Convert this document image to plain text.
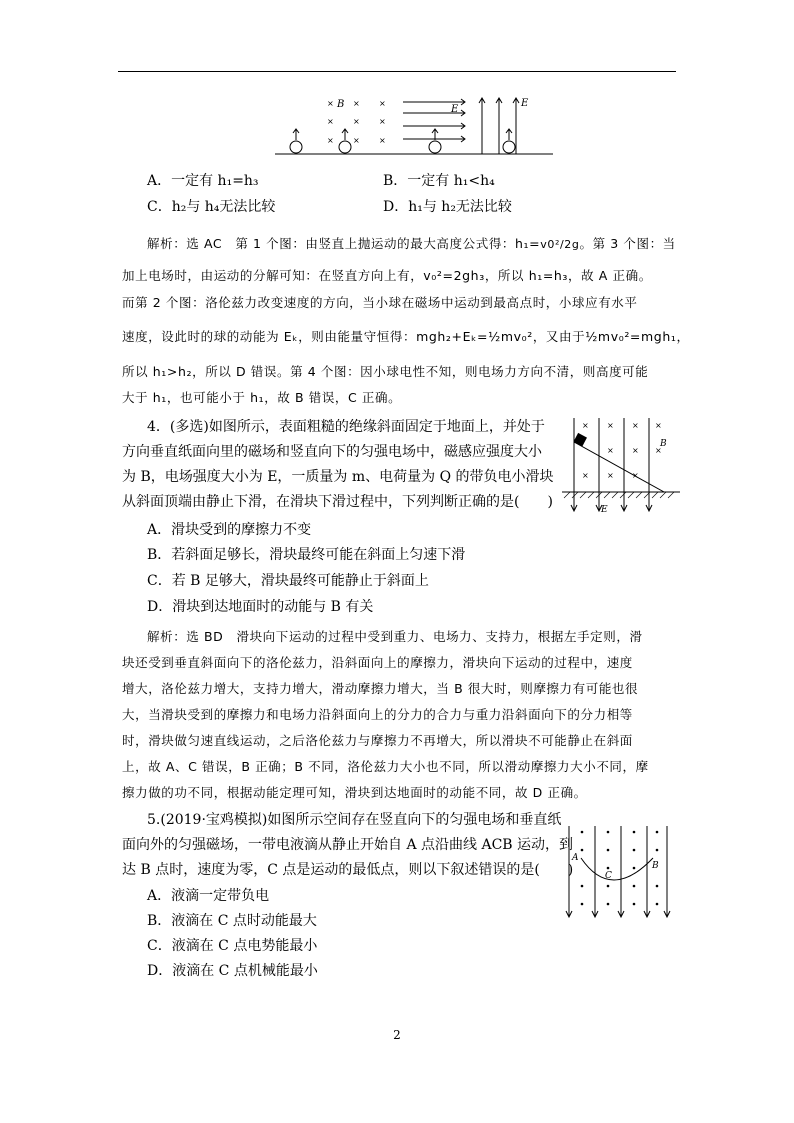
× × ×
× × ×
× × ×
B	E
E
A．一定有 h₁=h₃	B．一定有 h₁<h₄
C．h₂与 h₄无法比较	D．h₁与 h₂无法比较
解析：选 AC　第 1 个图：由竖直上抛运动的最大高度公式得：h₁=v0²/2g。第 3 个图：当
加上电场时，由运动的分解可知：在竖直方向上有，v₀²=2gh₃，所以 h₁=h₃，故 A 正确。
而第 2 个图：洛伦兹力改变速度的方向，当小球在磁场中运动到最高点时，小球应有水平
速度，设此时的球的动能为 Eₖ，则由能量守恒得：mgh₂+Eₖ=½mv₀²，又由于½mv₀²=mgh₁，
所以 h₁>h₂，所以 D 错误。第 4 个图：因小球电性不知，则电场力方向不清，则高度可能
大于 h₁，也可能小于 h₁，故 B 错误，C 正确。
4．(多选)如图所示，表面粗糙的绝缘斜面固定于地面上，并处于
方向垂直纸面向里的磁场和竖直向下的匀强电场中，磁感应强度大小
为 B，电场强度大小为 E，一质量为 m、电荷量为 Q 的带负电小滑块
从斜面顶端由静止下滑，在滑块下滑过程中，下列判断正确的是(　　)
× × × ×
× × ×
× × ×
B
E
A．滑块受到的摩擦力不变
B．若斜面足够长，滑块最终可能在斜面上匀速下滑
C．若 B 足够大，滑块最终可能静止于斜面上
D．滑块到达地面时的动能与 B 有关
解析：选 BD　滑块向下运动的过程中受到重力、电场力、支持力，根据左手定则，滑
块还受到垂直斜面向下的洛伦兹力，沿斜面向上的摩擦力，滑块向下运动的过程中，速度
增大，洛伦兹力增大，支持力增大，滑动摩擦力增大，当 B 很大时，则摩擦力有可能也很
大，当滑块受到的摩擦力和电场力沿斜面向上的分力的合力与重力沿斜面向下的分力相等
时，滑块做匀速直线运动，之后洛伦兹力与摩擦力不再增大，所以滑块不可能静止在斜面
上，故 A、C 错误，B 正确；B 不同，洛伦兹力大小也不同，所以滑动摩擦力大小不同，摩
擦力做的功不同，根据动能定理可知，滑块到达地面时的动能不同，故 D 正确。
5.(2019·宝鸡模拟)如图所示空间存在竖直向下的匀强电场和垂直纸
面向外的匀强磁场，一带电液滴从静止开始自 A 点沿曲线 ACB 运动，到
达 B 点时，速度为零，C 点是运动的最低点，则以下叙述错误的是(　　)
A
B
C
A．液滴一定带负电
B．液滴在 C 点时动能最大
C．液滴在 C 点电势能最小
D．液滴在 C 点机械能最小
2
